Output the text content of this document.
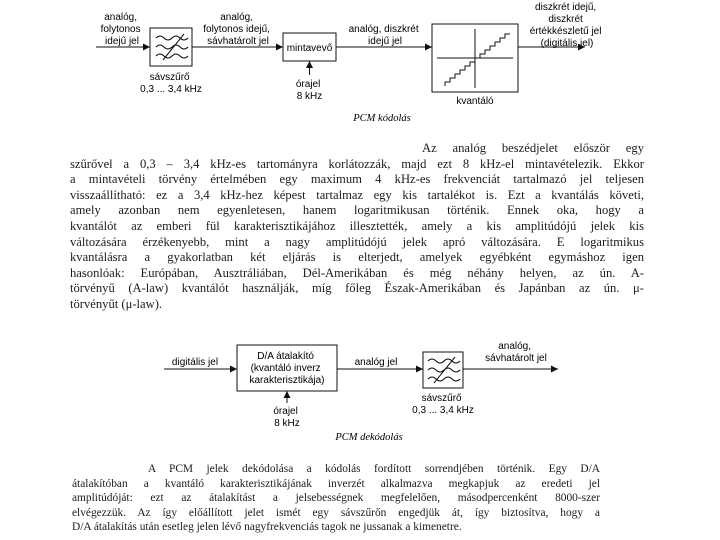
analóg, folytonos idejű jel
sávszűrő 0,3 ... 3,4 kHz
analóg, folytonos idejű, sávhatárolt jel
mintavevő
órajel 8 kHz
analóg, diszkrét idejű jel
kvantáló
diszkrét idejű, diszkrét értékkészletű jel (digitális jel)
PCM kódolás
digitális jel
D/A átalakító (kvantáló inverz karakterisztikája)
órajel 8 kHz
analóg jel
sávszűrő 0,3 ... 3,4 kHz
analóg, sávhatárolt jel
PCM dekódolás
Az analóg beszédjelet először egy
szűrővel a 0,3 – 3,4 kHz-es tartományra korlátozzák, majd ezt 8 kHz-el mintavételezik. Ekkor
a mintavételi törvény értelmében egy maximum 4 kHz-es frekvenciát tartalmazó jel teljesen
visszaállítható: ez a 3,4 kHz-hez képest tartalmaz egy kis tartalékot is. Ezt a kvantálás követi,
amely azonban nem egyenletesen, hanem logaritmikusan történik. Ennek oka, hogy a
kvantálót az emberi fül karakterisztikájához illesztették, amely a kis amplitúdójú jelek kis
változására érzékenyebb, mint a nagy amplitúdójú jelek apró változására. E logaritmikus
kvantálásra a gyakorlatban két eljárás is elterjedt, amelyek egyébként egymáshoz igen
hasonlóak: Európában, Ausztráliában, Dél-Amerikában és még néhány helyen, az ún. A-
törvényű (A-law) kvantálót használják, míg főleg Észak-Amerikában és Japánban az ún. μ-
törvényűt (μ-law).
A PCM jelek dekódolása a kódolás fordított sorrendjében történik. Egy D/A
átalakítóban a kvantáló karakterisztikájának inverzét alkalmazva megkapjuk az eredeti jel
amplitúdóját: ezt az átalakítást a jelsebességnek megfelelően, másodpercenként 8000-szer
elvégezzük. Az így előállított jelet ismét egy sávszűrőn engedjük át, így biztosítva, hogy a
D/A átalakítás után esetleg jelen lévő nagyfrekvenciás tagok ne jussanak a kimenetre.
